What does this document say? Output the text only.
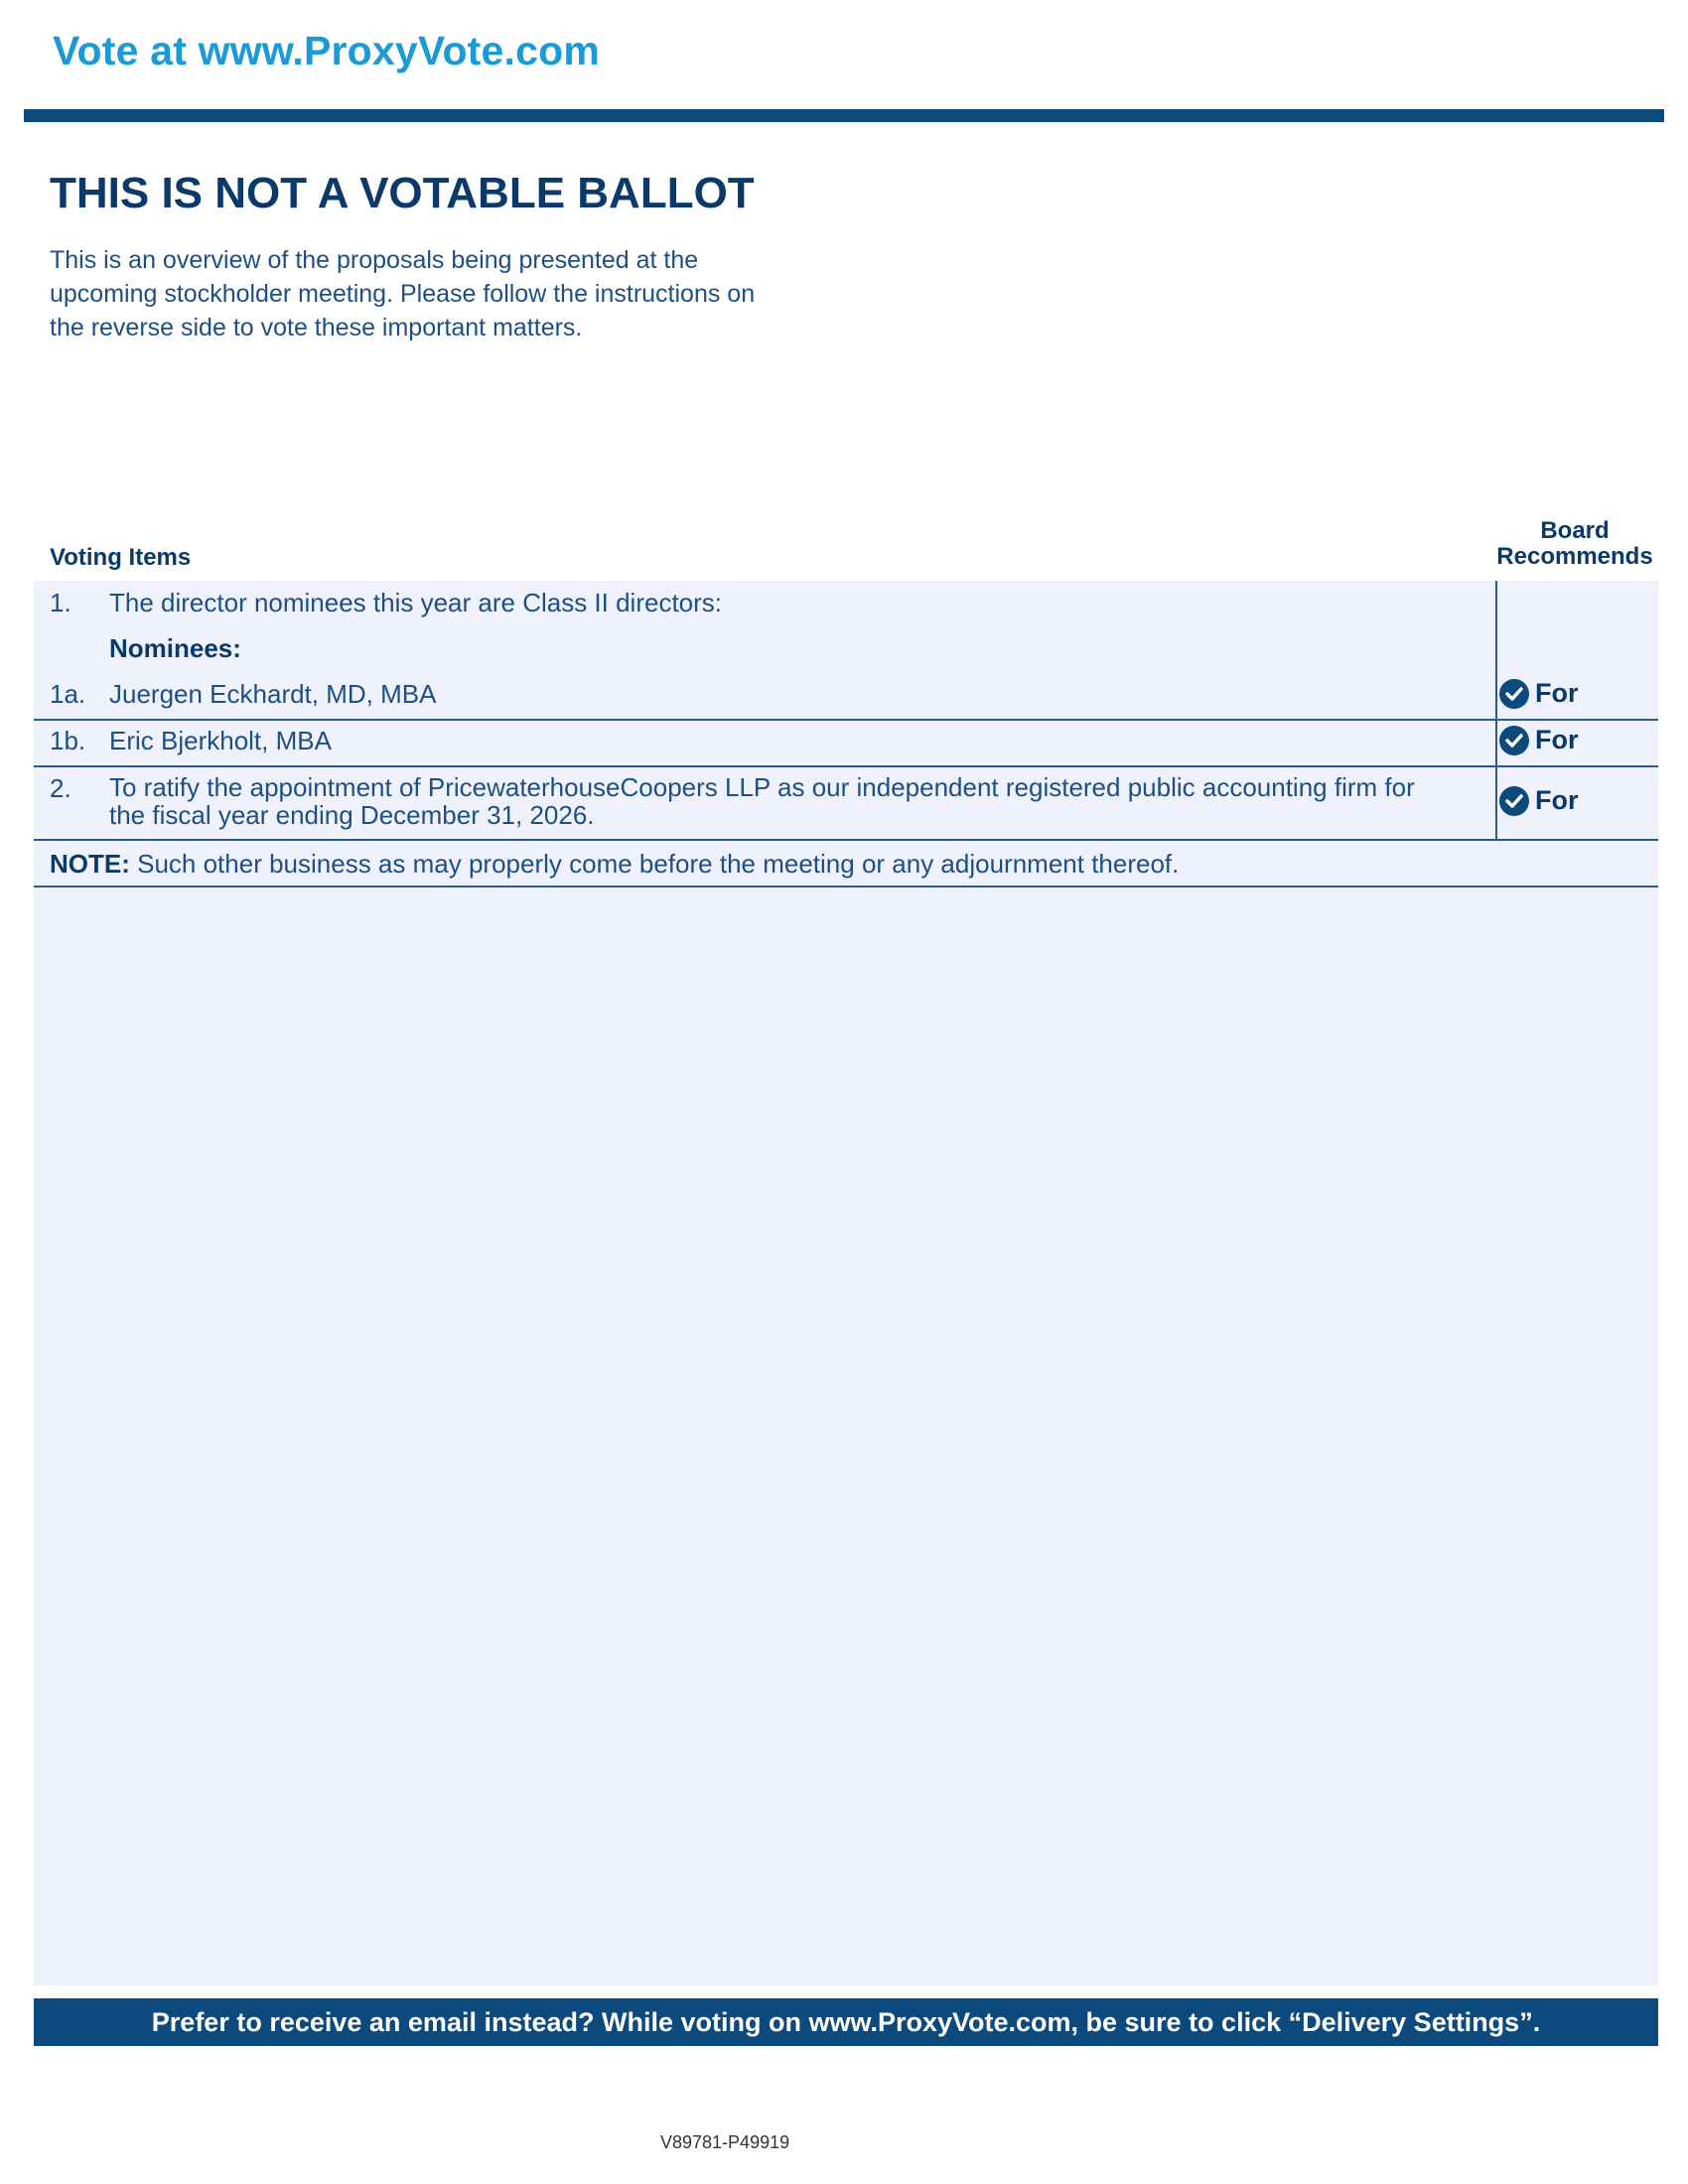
Vote at www.ProxyVote.com
THIS IS NOT A VOTABLE BALLOT

This is an overview of the proposals being presented at the

upcoming stockholder meeting. Please follow the instructions on

the reverse side to vote these important matters.

Voting Items
Board
Recommends
1. The director nominees this year are Class II directors:
Nominees:
1a. Juergen Eckhardt, MD, MBA	For
1b. Eric Bjerkholt, MBA	For
2. To ratify the appointment of PricewaterhouseCoopers LLP as our independent registered public accounting firm for
the fiscal year ending December 31, 2026.	For
NOTE: Such other business as may properly come before the meeting or any adjournment thereof.
Prefer to receive an email instead? While voting on www.ProxyVote.com, be sure to click “Delivery Settings”.
V89781-P49919
